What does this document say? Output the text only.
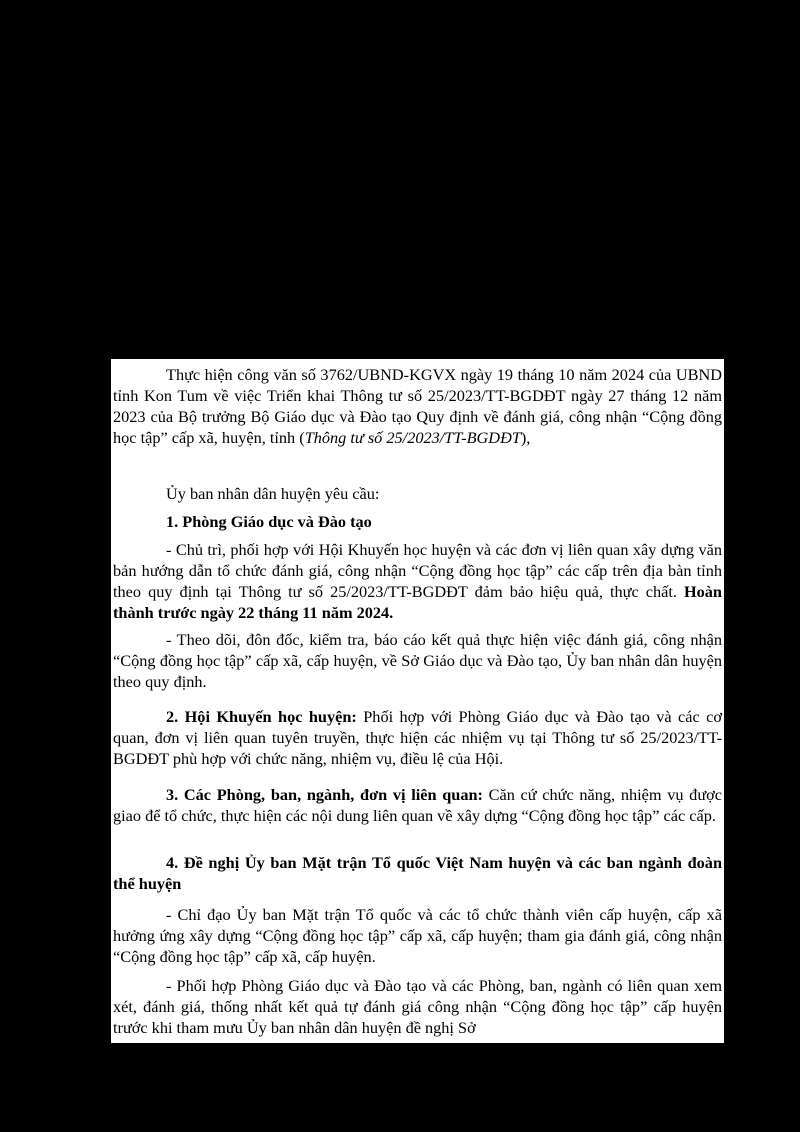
Thực hiện công văn số 3762/UBND-KGVX ngày 19 tháng 10 năm 2024 của UBND tỉnh Kon Tum về việc Triển khai Thông tư số 25/2023/TT-BGDĐT ngày 27 tháng 12 năm 2023 của Bộ trưởng Bộ Giáo dục và Đào tạo Quy định về đánh giá, công nhận “Cộng đồng học tập” cấp xã, huyện, tỉnh (Thông tư số 25/2023/TT-BGDĐT),

Ủy ban nhân dân huyện yêu cầu:

1. Phòng Giáo dục và Đào tạo

- Chủ trì, phối hợp với Hội Khuyến học huyện và các đơn vị liên quan xây dựng văn bản hướng dẫn tổ chức đánh giá, công nhận “Cộng đồng học tập” các cấp trên địa bàn tỉnh theo quy định tại Thông tư số 25/2023/TT-BGDĐT đảm bảo hiệu quả, thực chất. Hoàn thành trước ngày 22 tháng 11 năm 2024.

- Theo dõi, đôn đốc, kiểm tra, báo cáo kết quả thực hiện việc đánh giá, công nhận “Cộng đồng học tập” cấp xã, cấp huyện, về Sở Giáo dục và Đào tạo, Ủy ban nhân dân huyện theo quy định.

2. Hội Khuyến học huyện: Phối hợp với Phòng Giáo dục và Đào tạo và các cơ quan, đơn vị liên quan tuyên truyền, thực hiện các nhiệm vụ tại Thông tư số 25/2023/TT-BGDĐT phù hợp với chức năng, nhiệm vụ, điều lệ của Hội.

3. Các Phòng, ban, ngành, đơn vị liên quan: Căn cứ chức năng, nhiệm vụ được giao để tổ chức, thực hiện các nội dung liên quan về xây dựng “Cộng đồng học tập” các cấp.

4. Đề nghị Ủy ban Mặt trận Tổ quốc Việt Nam huyện và các ban ngành đoàn thể huyện

- Chỉ đạo Ủy ban Mặt trận Tổ quốc và các tổ chức thành viên cấp huyện, cấp xã hưởng ứng xây dựng “Cộng đồng học tập” cấp xã, cấp huyện; tham gia đánh giá, công nhận “Cộng đồng học tập” cấp xã, cấp huyện.

- Phối hợp Phòng Giáo dục và Đào tạo và các Phòng, ban, ngành có liên quan xem xét, đánh giá, thống nhất kết quả tự đánh giá công nhận “Cộng đồng học tập” cấp huyện trước khi tham mưu Ủy ban nhân dân huyện đề nghị Sở
